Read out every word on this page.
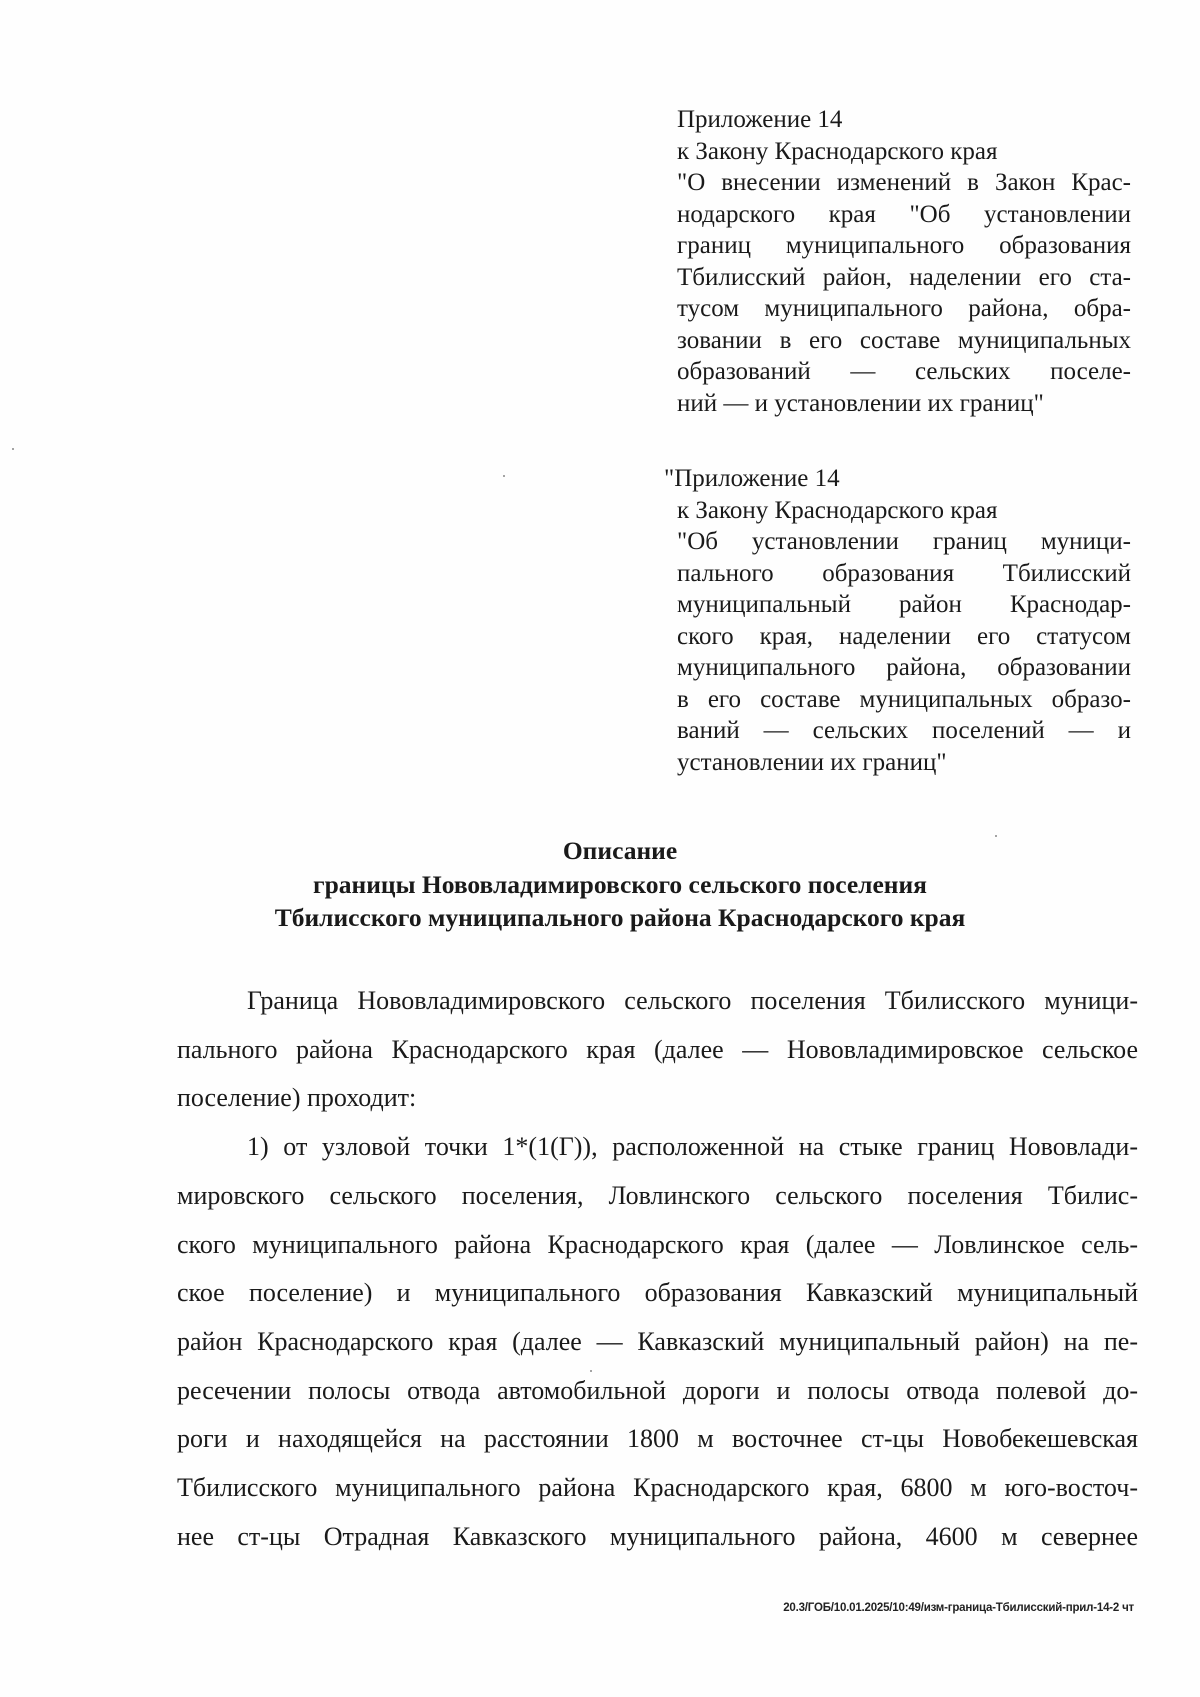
Приложение 14
к Закону Краснодарского края
"О внесении изменений в Закон Крас-
нодарского края "Об установлении
границ муниципального образования
Тбилисский район, наделении его ста-
тусом муниципального района, обра-
зовании в его составе муниципальных
образований — сельских поселе-
ний — и установлении их границ"
"Приложение 14
к Закону Краснодарского края
"Об установлении границ муници-
пального образования Тбилисский
муниципальный район Краснодар-
ского края, наделении его статусом
муниципального района, образовании
в его составе муниципальных образо-
ваний — сельских поселений — и
установлении их границ"
Описание
границы Нововладимировского сельского поселения
Тбилисского муниципального района Краснодарского края
Граница Нововладимировского сельского поселения Тбилисского муници-
пального района Краснодарского края (далее — Нововладимировское сельское
поселение) проходит:
1) от узловой точки 1*(1(Г)), расположенной на стыке границ Нововлади-
мировского сельского поселения, Ловлинского сельского поселения Тбилис-
ского муниципального района Краснодарского края (далее — Ловлинское сель-
ское поселение) и муниципального образования Кавказский муниципальный
район Краснодарского края (далее — Кавказский муниципальный район) на пе-
ресечении полосы отвода автомобильной дороги и полосы отвода полевой до-
роги и находящейся на расстоянии 1800 м восточнее ст-цы Новобекешевская
Тбилисского муниципального района Краснодарского края, 6800 м юго-восточ-
нее ст-цы Отрадная Кавказского муниципального района, 4600 м севернее
20.3/ГОБ/10.01.2025/10:49/изм-граница-Тбилисский-прил-14-2 чт
